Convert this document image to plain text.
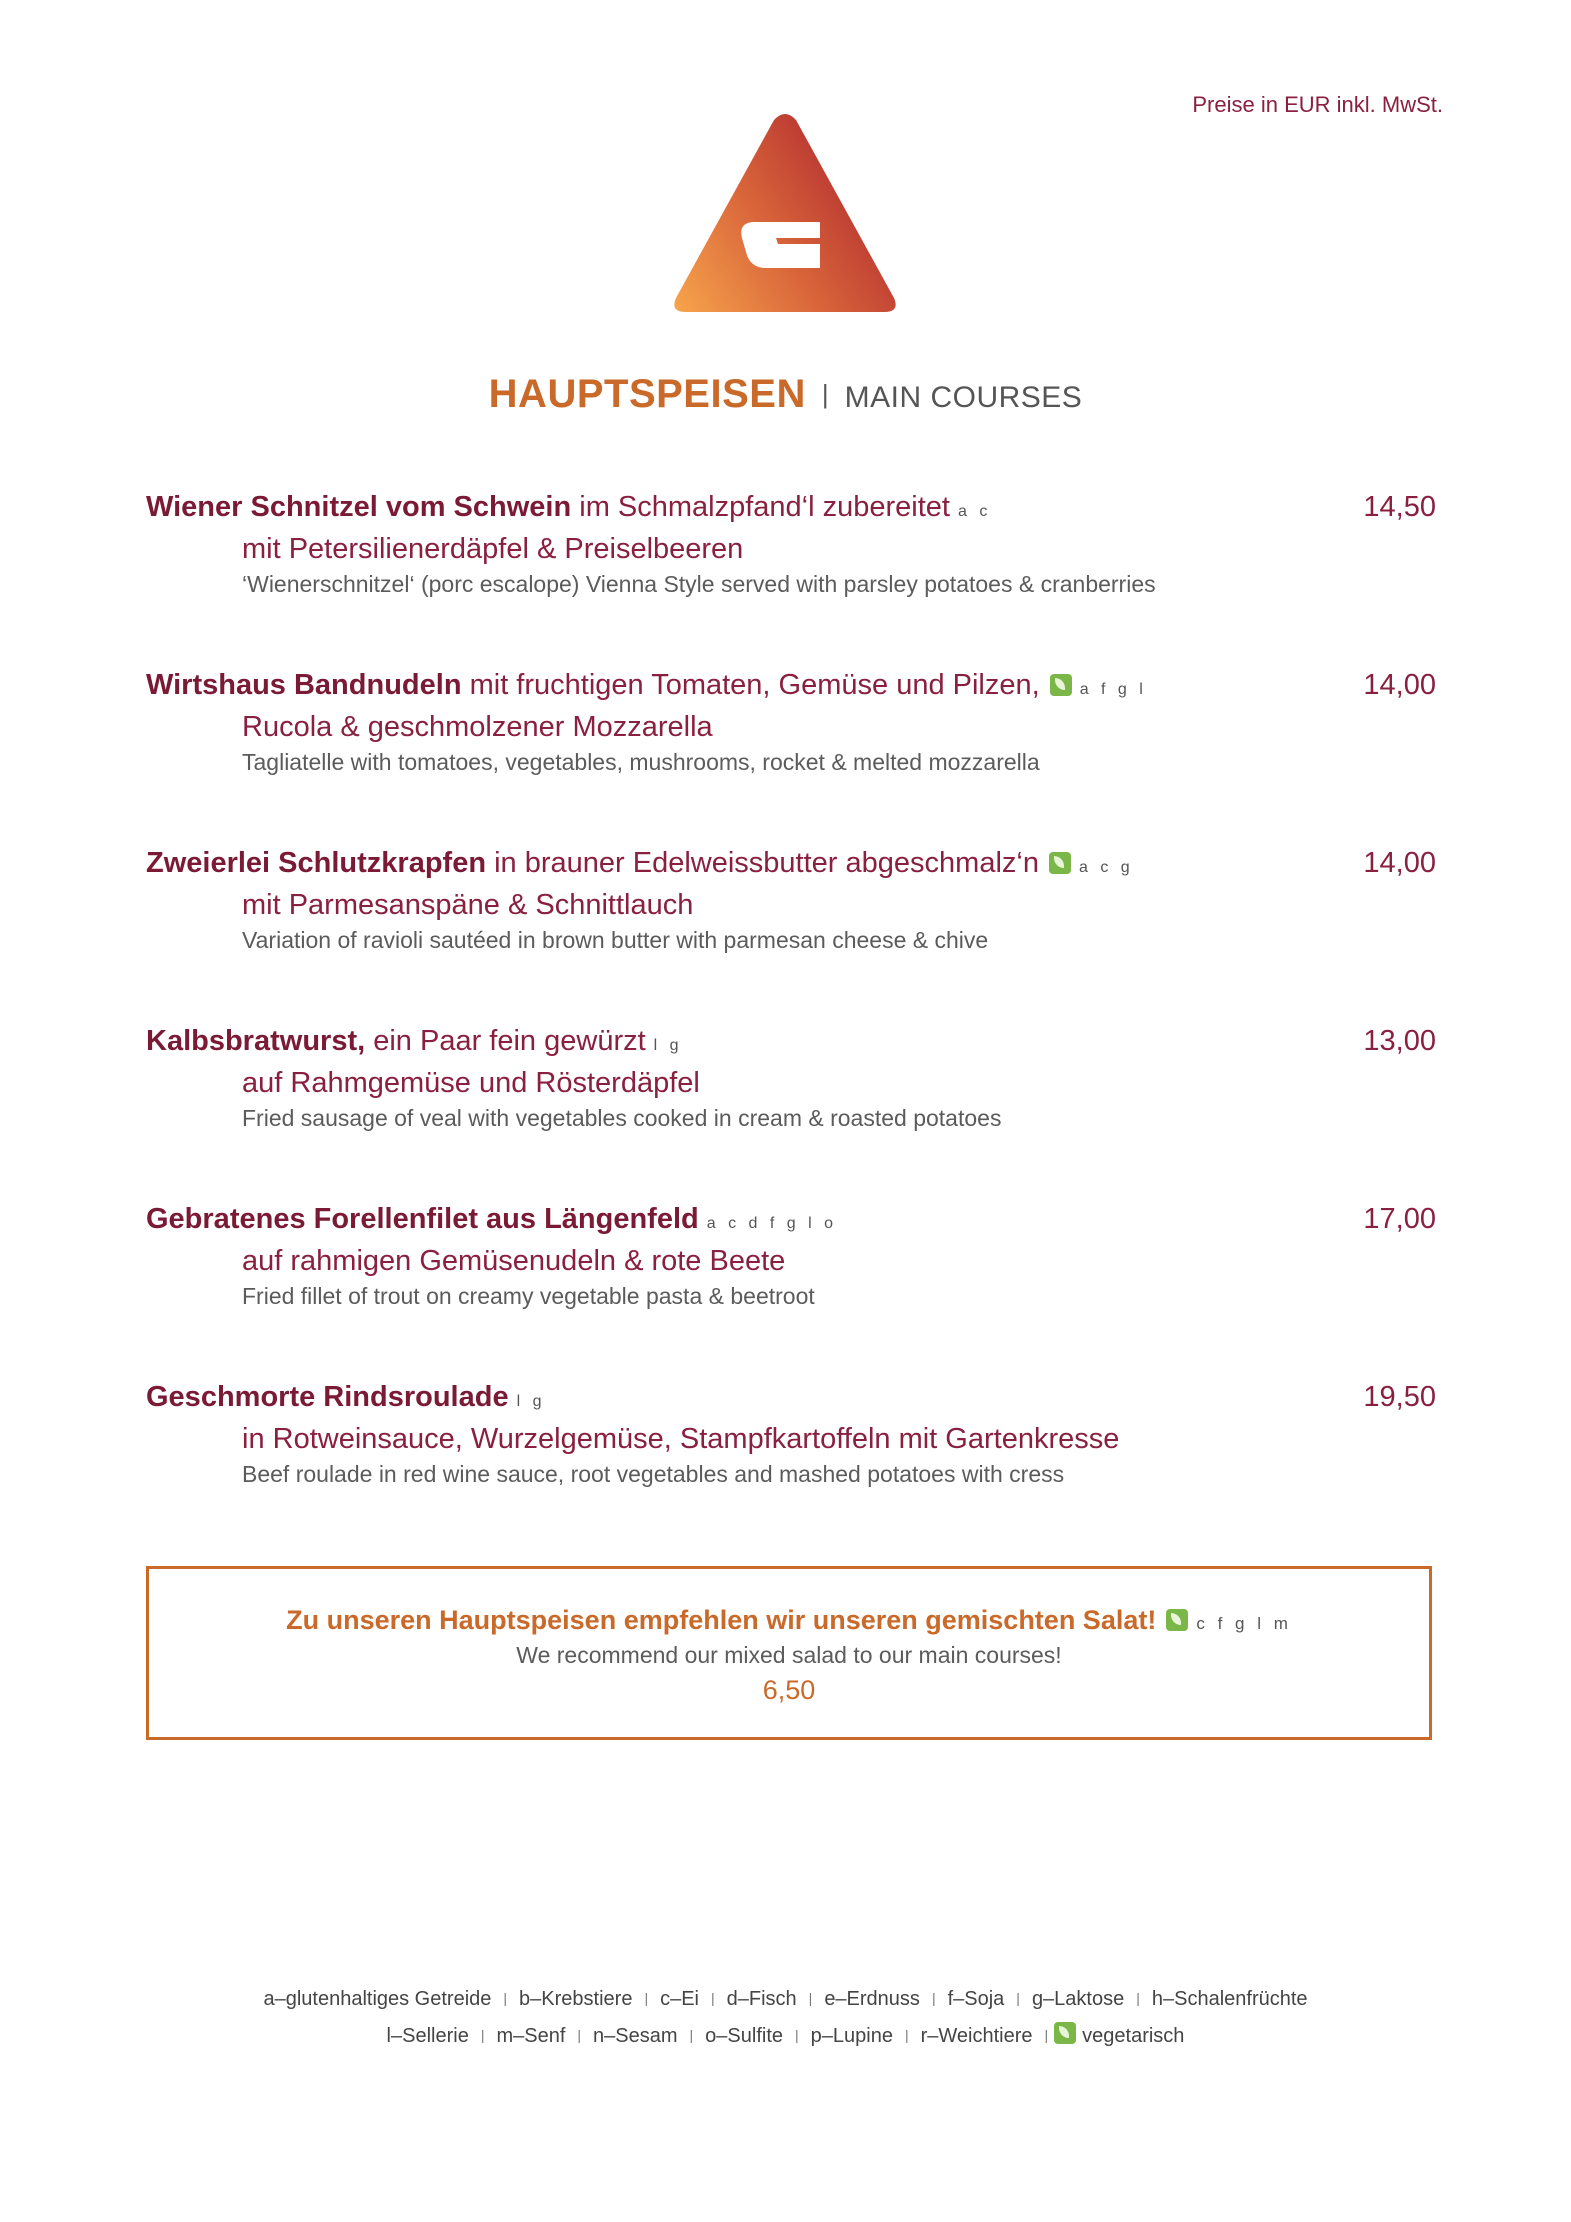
Preise in EUR inkl. MwSt.
HAUPTSPEISEN | MAIN COURSES
Wiener Schnitzel vom Schwein im Schmalzpfand‘l zubereitet a c
mit Petersilienerdäpfel & Preiselbeeren
‘Wienerschnitzel‘ (porc escalope) Vienna Style served with parsley potatoes & cranberries
14,50
Wirtshaus Bandnudeln mit fruchtigen Tomaten, Gemüse und Pilzen,	a f g l
Rucola & geschmolzener Mozzarella
Tagliatelle with tomatoes, vegetables, mushrooms, rocket & melted mozzarella
14,00
Zweierlei Schlutzkrapfen in brauner Edelweissbutter abgeschmalz‘n	a c g
mit Parmesanspäne & Schnittlauch
Variation of ravioli sautéed in brown butter with parmesan cheese & chive
14,00
Kalbsbratwurst, ein Paar fein gewürzt l g
auf Rahmgemüse und Rösterdäpfel
Fried sausage of veal with vegetables cooked in cream & roasted potatoes
13,00
Gebratenes Forellenfilet aus Längenfeld a c d f g l o
auf rahmigen Gemüsenudeln & rote Beete
Fried fillet of trout on creamy vegetable pasta & beetroot
17,00
Geschmorte Rindsroulade l g
in Rotweinsauce, Wurzelgemüse, Stampfkartoffeln mit Gartenkresse
Beef roulade in red wine sauce, root vegetables and mashed potatoes with cress
19,50
Zu unseren Hauptspeisen empfehlen wir unseren gemischten Salat! c f g l m
We recommend our mixed salad to our main courses!
6,50
a–glutenhaltiges Getreide | b–Krebstiere | c–Ei | d–Fisch | e–Erdnuss | f–Soja | g–Laktose | h–Schalenfrüchte
l–Sellerie | m–Senf | n–Sesam | o–Sulfite | p–Lupine | r–Weichtiere | vegetarisch
